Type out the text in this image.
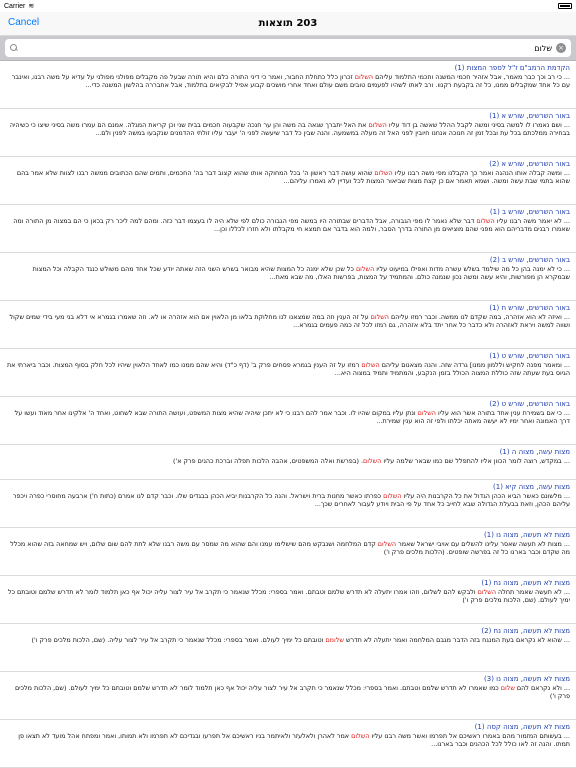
Carrier ≋
Cancel	203 תוצאות
שלום
×
הקדמת הרמב"ם ז"ל לספר המצות (1)
... כי רב וכך כבר מאמר, אבל אזהיר חכמי המשנה וחכמי התלמוד עליהם השלום זכרון כלל כתחלת החבור, ואמר כי דיני התורה כלם והיא תורה שבעל פה מקבלים מפולני מפולני על עדיא על משה רבנו, ואינבר עם כל אחד שמקבלים ממנו, כל זה בקבעת רקנוו. ורב לאתו לשהיו לפעמים טובים משם עולם ואחד אחרי מושכים קבוע אפיל לבקיאים בתלמוד, אבל אחבררה בהלשון המשנה כדי...
באור השרשים, שורש א (1)
... ושם נאמרו לו למשה בסיני ומשה לקבל ההלל שאשה בן דוד עליו השלום את האל יתברך שגאה בה משה והן ער חנכה שקבעוה חכמים בבית שני וכן קריאת המגלה. אמנם הם עמרו משה בסיני שיצו כי כשיהיה בבחירה ממלכתם בכל עת ובכל זמן זה חנוכה אנחנו חיובין לפני האל זה מעלה במשמעה. והנה שבין כל דבר שיעשה לפני ה' יעבר עליו זולתי ההדמנים שנקבעו במשה לפנין ולם...
באור השרשים, שורש א (2)
... ומשה קבלה אותו הנהגה ואמר כך הקבלנו מפי משה רבנו עליו השלום שהוא עושה דבר ראשון ה' בכל המחוקה אותו שהוא קצוב דבר בה' החכמים, ותמים שהם הכתובים ממשה רבנו לצוות שלא אמר בהם שהוא בתמי שבת עשה ומשה. ושמא תאמר אם כן קצת מצות שביאור המצות לכל ועדיין לא נאמרו עליהם...
באור השרשים, שורש ב (1)
... לא יאמר משה רבנו עליו השלום דבר שלא נאמר לו מפי הגבורה, אבל הדברים שבתורה היו במשה מפי הגבורה כולם לפי שלא היה לו בעצמו דבר כזה. ומהם למה ליכר רק בכאן כי הם במצוה מן התורה ומה שאמרו רבנים מדבריהם הוא מפני שהם מוציאים מן התורה בדרך הסבר, ולמה הוא בדבר אם תמצא חי מקבלתו ולא חזרו לכללו וכן...
באור השרשים, שורש ב (2)
... כי לא ימנה בהן כל מה שילמד בשלש עשרה מדות ואפילו במיעוט עליו השלום כל שכן שלא ימנה כל המצות שהיא מבואר בשרש השני הזה שאתה יודע שכל אחד מהם משולש כנגד הקבלה וכל המצות שבמקרא הן מפורשות, והיא עשה ומשה נכון שנמנה כולם. והמתמיד על המצות, בפרשות האלו, מה שבא מאת...
באור השרשים, שורש ח (1)
... ואיזה לא הוא אזהרה, במה שקדם לנו ממשה. וכבר רמזו עליהם השלום על זה הענין וזה במה שמצאנו לנו מחלוקת בלאו מן הלאוין אם הוא אזהרה או לא. וזה שאמרו בגמרא אי דלא בני מעי בידי שמים שקול ושווה למשה ויראת לאזהרה ולא כדבר כל אחר יתד בלא אזהרה, גם רמזו לכל זה כמה פעמים בגמרא...
באור השרשים, שורש ט (1)
... ומאמר מפנה לחקיש וללמון ממנו] גרדה שזה. והנה מצאנום עליהם השלום רמזו על זה הענין בגמרא פסחים פרק ב' (דף כ"ד) והיא שהם ממנו כמו לאחד הלאוין שיהיו לכל חלק בסוף המצות. וכבר ביארתי את הגיוס בעת שעתה שזה כוללת המצוה הכולל בזמן הנקבע, והמתמיד ותמיד במצוה היא...
באור השרשים, שורש ט (2)
... כי אם בשמירת ענין אחד בתורה אשר הוא עליו השלום ונתן עליו במקום שהיו לו. וכבר אמר להם רבנו כי לא יתכן שיהיה שהיא מצות המשפט, ועושה התורה שבא לשחוט, ואחד ה' אלקינו אחר מאוד ועשו על דרך האמונה ואחר ימיו לא יעשה מאתה יכלתו ולפי זה הוא ענין שמירת...
מצות עשה, מצוה ה (1)
... במקדש, רוצה לומר הכוון אליו להתפלל שם כמו שבאר שלמה עליו השלום. (בפרשת ואלה המשפטים, אהבה הלכות תפלה וברכת כהנים פרק א')
מצות עשה, מצוה קיא (1)
... מלשונם כאשר הביא הכהן הגדול את כל הקרבנות היה עליו השלום כפרתו כאשר מחנות ברית וישראל. והנה כל הקרבנות יביא הכהן בבגדים שלו. וכבר קדם לנו אמרם (כתות ח') ארבעה מחוסרי כפרה ויכפר עליהם הכהן, וזאת בבעלת הגדולה שבא לחייב כל אחד על פי הבית ויודע לעבור לאחרים שכך...
מצות לא תעשה, מצוה נו (1)
... מצות לא תעשה שאסר עלינו להשלים עם אויבי ישראל שאמר השלום קדם המלחמה ושנבקש מהם שישלימו עמנו והם שהוא מה שמסר עם משה רבנו שלא לתת להם שום שלום, ויש שמחאה בזה שהוא מכלל מה שקדם וכבר בארנו כל זה בפרשה שופטים. (הלכות מלכים פרק ו')
מצות לא תעשה, מצוה נח (1)
... לא תעשה שאמר תחלה השלום ולבקש להם לשלום, וזהו אמרו יתעלה לא תדרש שלמם וטבתם. ואמר בספרי: מכלל שנאמר כי תקרב אל עיר לצור עליה יכול אף כאן תלמוד לומר לא תדרש שלמם וטובתם כל ימיך לעולם. (שם, הלכות מלכים פרק ו')
מצות לא תעשה, מצוה נח (2)
... שהוא לא נקראם בעת המנגח בזה הדבר מגבם המלחמה ואמר יתעלה לא תדרש שלומם וטובתם כל ימיך לעולם. ואמר בספרי: מכלל שנאמר כי תקרב אל עיר לצור עליה. (שם, הלכות מלכים פרק ו')
מצות לא תעשה, מצוה נו (3)
... ולא נקראם להם שלום כמו שאמרו לא תדרש שלמם וטבתם. ואמר בספרי: מכלל שנאמר כי תקרב אל עיר לצור עליה יכול אף כאן תלמוד לומר לא תדרש שלמם וטובתם כל ימיך לעולם. (שם, הלכות מלכים פרק ו')
מצות לא תעשה, מצוה קסה (1)
... בעשותם המזמור מהם באמרו ראשיכם אל תפרמו ואשר משה רבנו עליו השלום אמר לאהרן ולאלעזר ולאיתמר בניו ראשיכם אל תפרעו ובגדיכם לא תפרמו ולא תמותו, ואמר ומפתח אהל מועד לא תצאו פן תמתו. והנה זה לאו כולל לכל הכהנים וכבר בארנו...
